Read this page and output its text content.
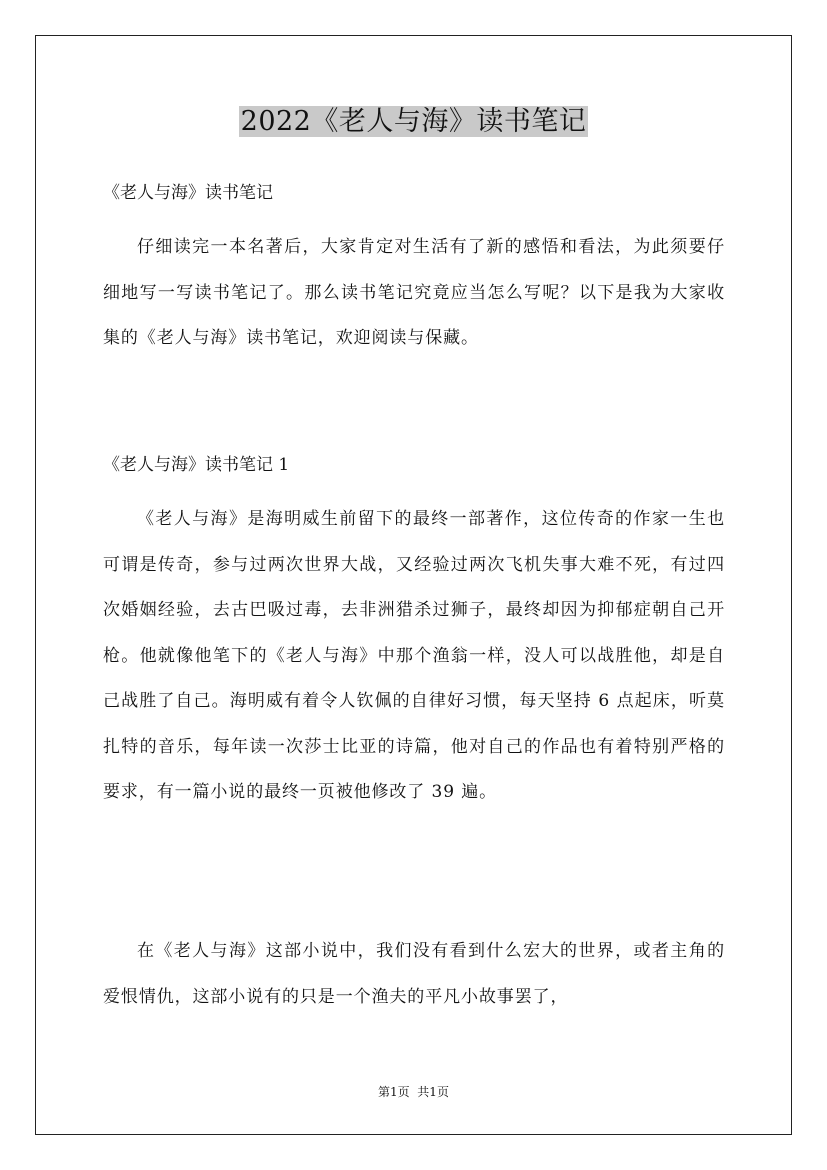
2022《老人与海》读书笔记

《老人与海》读书笔记

仔细读完一本名著后，大家肯定对生活有了新的感悟和看法，为此须要仔细地写一写读书笔记了。那么读书笔记究竟应当怎么写呢？以下是我为大家收集的《老人与海》读书笔记，欢迎阅读与保藏。

《老人与海》读书笔记 1

《老人与海》是海明威生前留下的最终一部著作，这位传奇的作家一生也可谓是传奇，参与过两次世界大战，又经验过两次飞机失事大难不死，有过四次婚姻经验，去古巴吸过毒，去非洲猎杀过狮子，最终却因为抑郁症朝自己开枪。他就像他笔下的《老人与海》中那个渔翁一样，没人可以战胜他，却是自己战胜了自己。海明威有着令人钦佩的自律好习惯，每天坚持 6 点起床，听莫扎特的音乐，每年读一次莎士比亚的诗篇，他对自己的作品也有着特别严格的要求，有一篇小说的最终一页被他修改了 39 遍。

在《老人与海》这部小说中，我们没有看到什么宏大的世界，或者主角的爱恨情仇，这部小说有的只是一个渔夫的平凡小故事罢了，

第1页  共1页
